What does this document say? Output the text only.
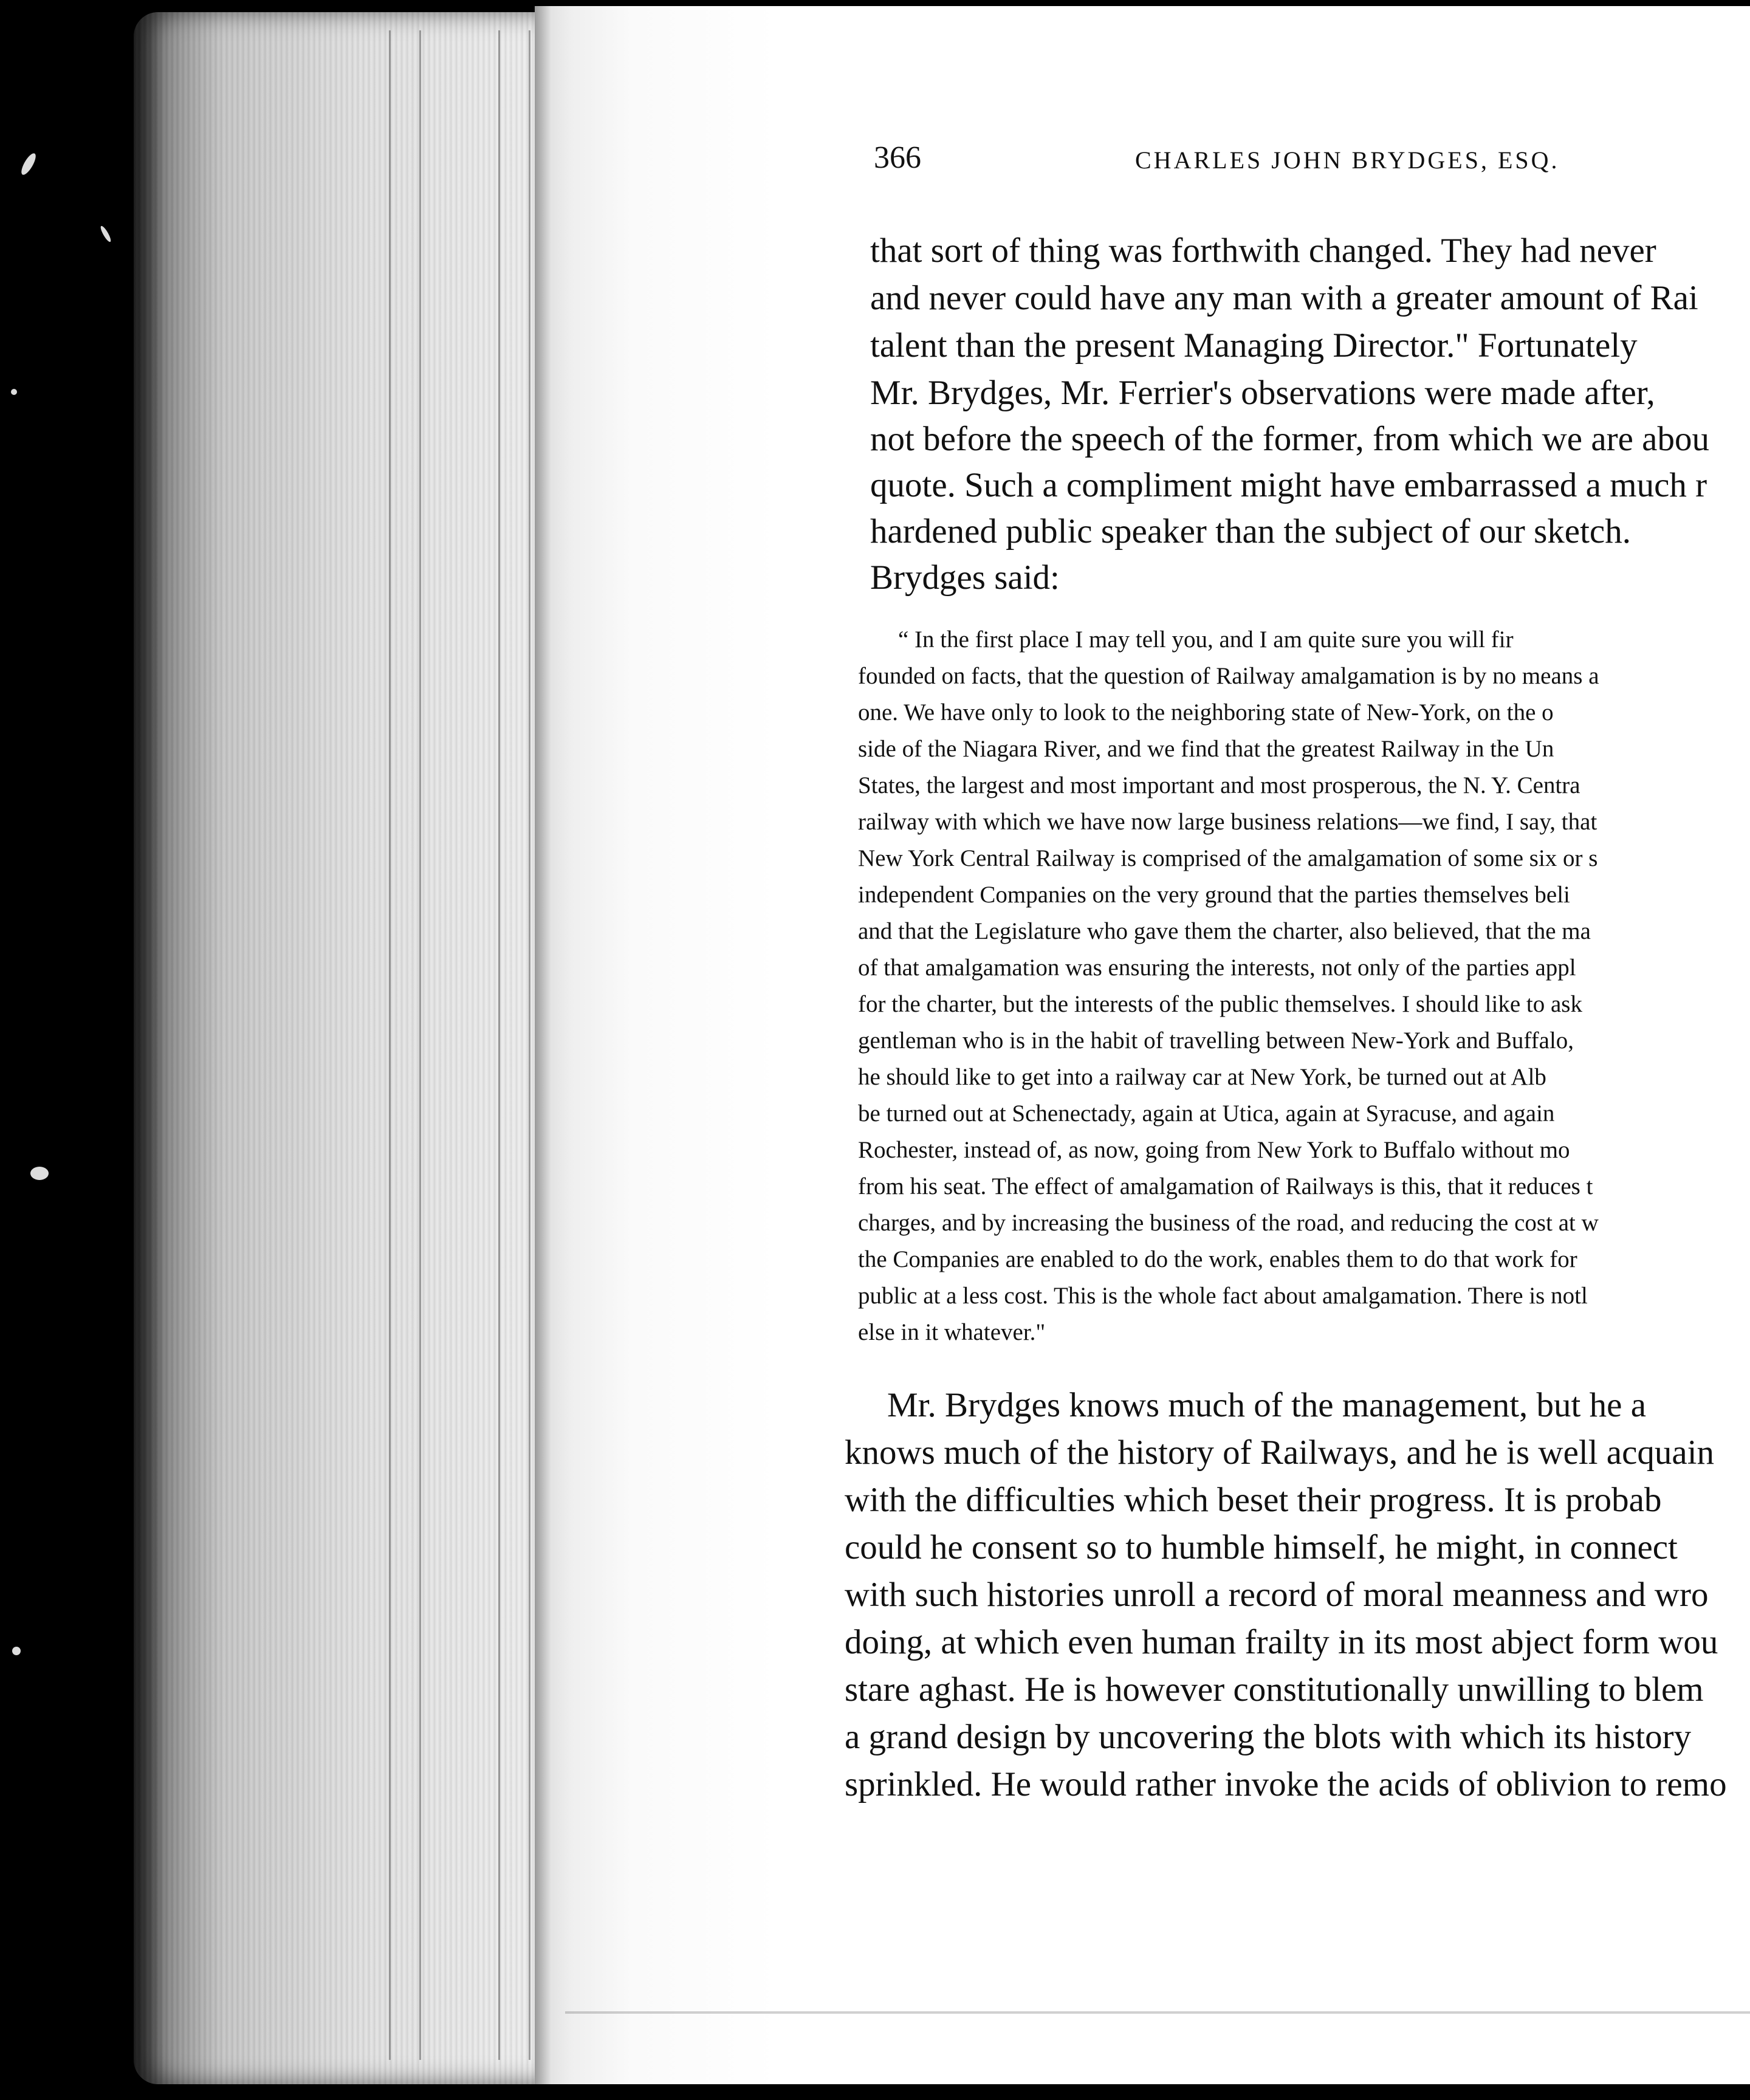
366	CHARLES JOHN BRYDGES, ESQ.
that sort of thing was forthwith changed. They had never
and never could have any man with a greater amount of Rai
talent than the present Managing Director." Fortunately
Mr. Brydges, Mr. Ferrier's observations were made after,
not before the speech of the former, from which we are abou
quote. Such a compliment might have embarrassed a much r
hardened public speaker than the subject of our sketch.
Brydges said:
“ In the first place I may tell you, and I am quite sure you will fir
founded on facts, that the question of Railway amalgamation is by no means a
one. We have only to look to the neighboring state of New-York, on the o
side of the Niagara River, and we find that the greatest Railway in the Un
States, the largest and most important and most prosperous, the N. Y. Centra
railway with which we have now large business relations—we find, I say, that
New York Central Railway is comprised of the amalgamation of some six or s
independent Companies on the very ground that the parties themselves beli
and that the Legislature who gave them the charter, also believed, that the ma
of that amalgamation was ensuring the interests, not only of the parties appl
for the charter, but the interests of the public themselves. I should like to ask
gentleman who is in the habit of travelling between New-York and Buffalo,
he should like to get into a railway car at New York, be turned out at Alb
be turned out at Schenectady, again at Utica, again at Syracuse, and again
Rochester, instead of, as now, going from New York to Buffalo without mo
from his seat. The effect of amalgamation of Railways is this, that it reduces t
charges, and by increasing the business of the road, and reducing the cost at w
the Companies are enabled to do the work, enables them to do that work for
public at a less cost. This is the whole fact about amalgamation. There is notl
else in it whatever."
Mr. Brydges knows much of the management, but he a
knows much of the history of Railways, and he is well acquain
with the difficulties which beset their progress. It is probab
could he consent so to humble himself, he might, in connect
with such histories unroll a record of moral meanness and wro
doing, at which even human frailty in its most abject form wou
stare aghast. He is however constitutionally unwilling to blem
a grand design by uncovering the blots with which its history
sprinkled. He would rather invoke the acids of oblivion to remo
